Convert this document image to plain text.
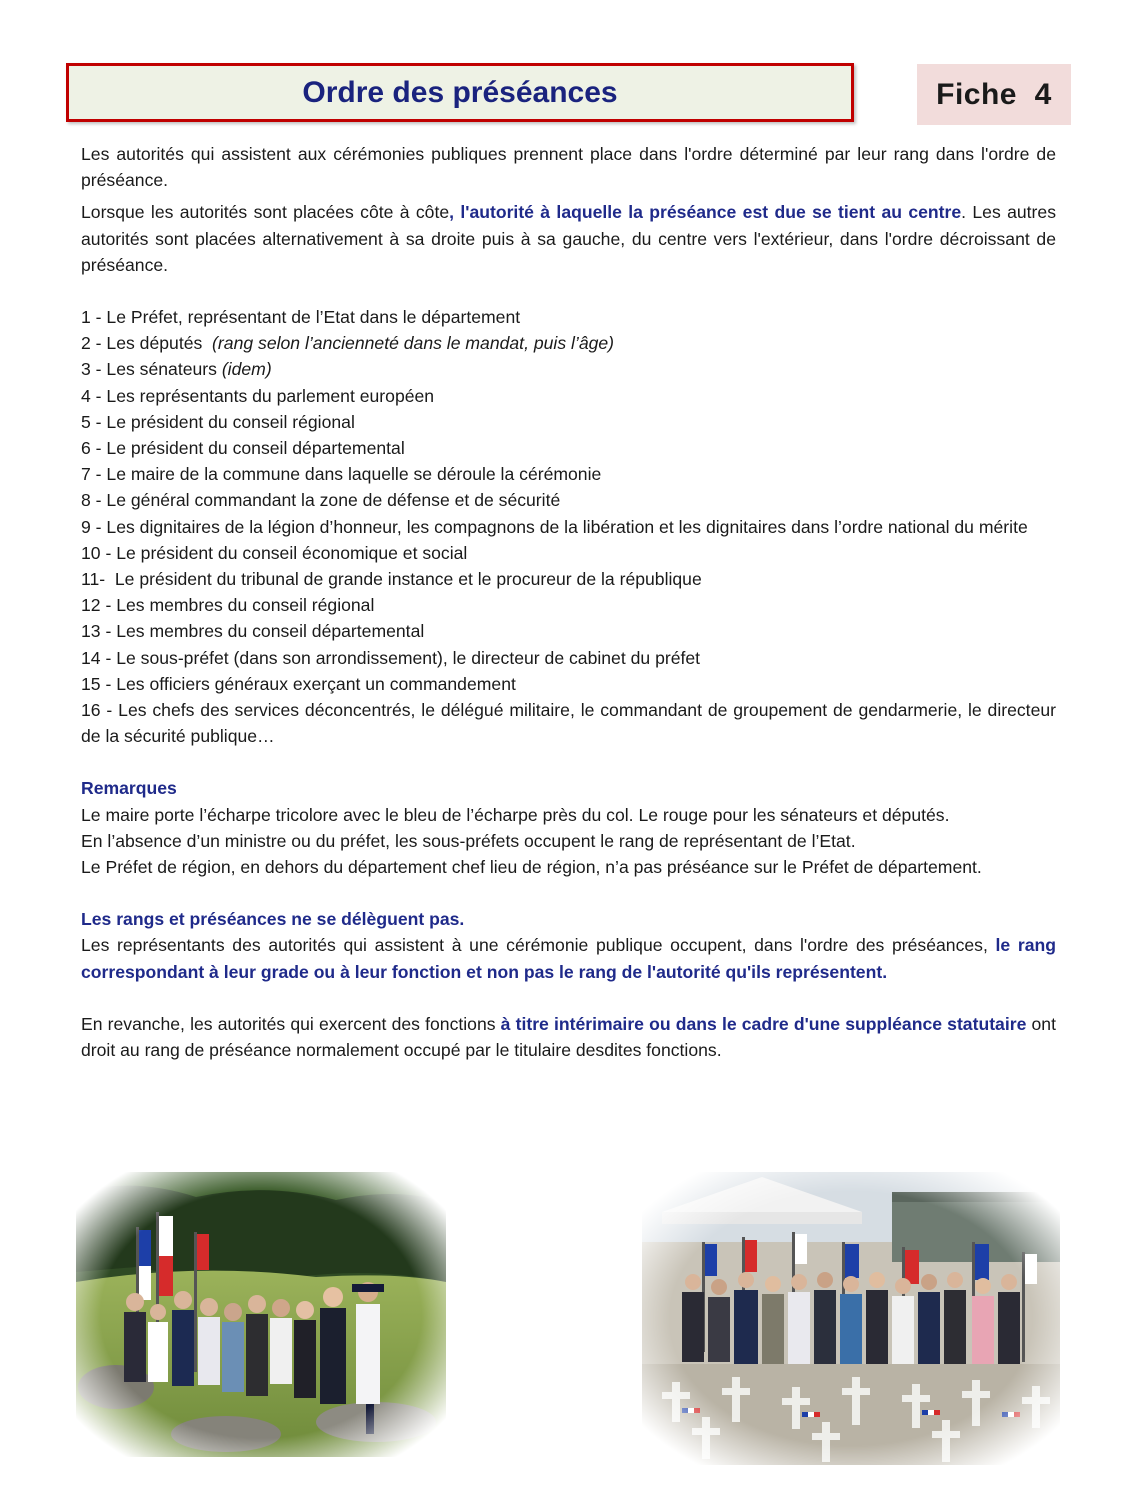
Ordre des préséances	Fiche  4

Les autorités qui assistent aux cérémonies publiques prennent place dans l'ordre déterminé par leur rang dans l'ordre de préséance.

Lorsque les autorités sont placées côte à côte, l'autorité à laquelle la préséance est due se tient au centre. Les autres autorités sont placées alternativement à sa droite puis à sa gauche, du centre vers l'extérieur, dans l'ordre décroissant de préséance.

1 - Le Préfet, représentant de l’Etat dans le département

2 - Les députés  (rang selon l’ancienneté dans le mandat, puis l’âge)

3 - Les sénateurs (idem)

4 - Les représentants du parlement européen

5 - Le président du conseil régional

6 - Le président du conseil départemental

7 - Le maire de la commune dans laquelle se déroule la cérémonie

8 - Le général commandant la zone de défense et de sécurité

9 - Les dignitaires de la légion d’honneur, les compagnons de la libération et les dignitaires dans l’ordre national du mérite

10 - Le président du conseil économique et social

11-  Le président du tribunal de grande instance et le procureur de la république

12 - Les membres du conseil régional

13 - Les membres du conseil départemental

14 - Le sous-préfet (dans son arrondissement), le directeur de cabinet du préfet

15 - Les officiers généraux exerçant un commandement

16 - Les chefs des services déconcentrés, le délégué militaire, le commandant de groupement de gendarmerie, le directeur de la sécurité publique…

Remarques

Le maire porte l’écharpe tricolore avec le bleu de l’écharpe près du col. Le rouge pour les sénateurs et députés.

En l’absence d’un ministre ou du préfet, les sous-préfets occupent le rang de représentant de l’Etat.

Le Préfet de région, en dehors du département chef lieu de région, n’a pas préséance sur le Préfet de département.

Les rangs et préséances ne se délèguent pas.

Les représentants des autorités qui assistent à une cérémonie publique occupent, dans l'ordre des préséances, le rang correspondant à leur grade ou à leur fonction et non pas le rang de l'autorité qu'ils représentent.

En revanche, les autorités qui exercent des fonctions à titre intérimaire ou dans le cadre d'une suppléance statutaire ont droit au rang de préséance normalement occupé par le titulaire desdites fonctions.
